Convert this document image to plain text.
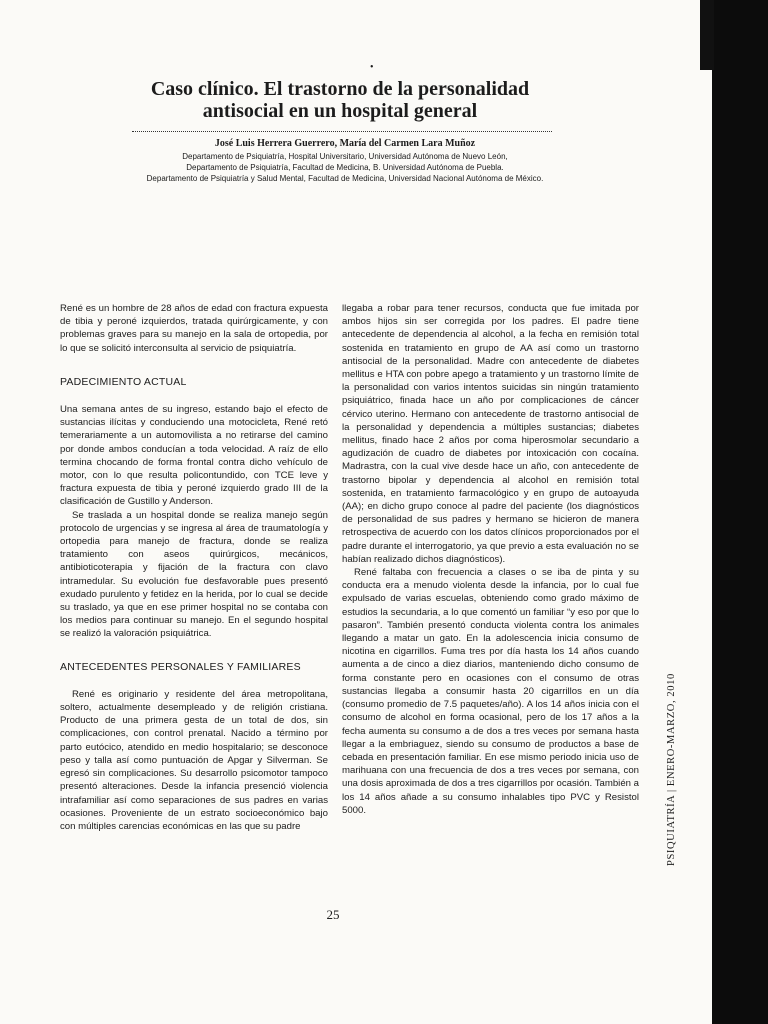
•
Caso clínico. El trastorno de la personalidad
antisocial en un hospital general

José Luis Herrera Guerrero, María del Carmen Lara Muñoz

Departamento de Psiquiatría, Hospital Universitario, Universidad Autónoma de Nuevo León,
Departamento de Psiquiatría, Facultad de Medicina, B. Universidad Autónoma de Puebla.
Departamento de Psiquiatría y Salud Mental, Facultad de Medicina, Universidad Nacional Autónoma de México.

René es un hombre de 28 años de edad con fractura expuesta de tibia y peroné izquierdos, tratada quirúrgicamente, y con problemas graves para su manejo en la sala de ortopedia, por lo que se solicitó interconsulta al servicio de psiquiatría.

PADECIMIENTO ACTUAL

Una semana antes de su ingreso, estando bajo el efecto de sustancias ilícitas y conduciendo una motocicleta, René retó temerariamente a un automovilista a no retirarse del camino por donde ambos conducían a toda velocidad. A raíz de ello termina chocando de forma frontal contra dicho vehículo de motor, con lo que resulta policontundido, con TCE leve y fractura expuesta de tibia y peroné izquierdo grado III de la clasificación de Gustillo y Anderson.

Se traslada a un hospital donde se realiza manejo según protocolo de urgencias y se ingresa al área de traumatología y ortopedia para manejo de fractura, donde se realiza tratamiento con aseos quirúrgicos, mecánicos, antibioticoterapia y fijación de la fractura con clavo intramedular. Su evolución fue desfavorable pues presentó exudado purulento y fetidez en la herida, por lo cual se decide su traslado, ya que en ese primer hospital no se contaba con los medios para continuar su manejo. En el segundo hospital se realizó la valoración psiquiátrica.

ANTECEDENTES PERSONALES Y FAMILIARES

René es originario y residente del área metropolitana, soltero, actualmente desempleado y de religión cristiana. Producto de una primera gesta de un total de dos, sin complicaciones, con control prenatal. Nacido a término por parto eutócico, atendido en medio hospitalario; se desconoce peso y talla así como puntuación de Apgar y Silverman. Se egresó sin complicaciones. Su desarrollo psicomotor tampoco presentó alteraciones. Desde la infancia presenció violencia intrafamiliar así como separaciones de sus padres en varias ocasiones. Proveniente de un estrato socioeconómico bajo con múltiples carencias económicas en las que su padre

llegaba a robar para tener recursos, conducta que fue imitada por ambos hijos sin ser corregida por los padres. El padre tiene antecedente de dependencia al alcohol, a la fecha en remisión total sostenida en tratamiento en grupo de AA así como un trastorno antisocial de la personalidad. Madre con antecedente de diabetes mellitus e HTA con pobre apego a tratamiento y un trastorno límite de la personalidad con varios intentos suicidas sin ningún tratamiento psiquiátrico, finada hace un año por complicaciones de cáncer cérvico uterino. Hermano con antecedente de trastorno antisocial de la personalidad y dependencia a múltiples sustancias; diabetes mellitus, finado hace 2 años por coma hiperosmolar secundario a agudización de cuadro de diabetes por intoxicación con cocaína. Madrastra, con la cual vive desde hace un año, con antecedente de trastorno bipolar y dependencia al alcohol en remisión total sostenida, en tratamiento farmacológico y en grupo de autoayuda (AA); en dicho grupo conoce al padre del paciente (los diagnósticos de personalidad de sus padres y hermano se hicieron de manera retrospectiva de acuerdo con los datos clínicos proporcionados por el padre durante el interrogatorio, ya que previo a esta evaluación no se habían realizado dichos diagnósticos).

René faltaba con frecuencia a clases o se iba de pinta y su conducta era a menudo violenta desde la infancia, por lo cual fue expulsado de varias escuelas, obteniendo como grado máximo de estudios la secundaria, a lo que comentó un familiar “y eso por que lo pasaron”. También presentó conducta violenta contra los animales llegando a matar un gato. En la adolescencia inicia consumo de nicotina en cigarrillos. Fuma tres por día hasta los 14 años cuando aumenta a de cinco a diez diarios, manteniendo dicho consumo de forma constante pero en ocasiones con el consumo de otras sustancias llegaba a consumir hasta 20 cigarrillos en un día (consumo promedio de 7.5 paquetes/año). A los 14 años inicia con el consumo de alcohol en forma ocasional, pero de los 17 años a la fecha aumenta su consumo a de dos a tres veces por semana hasta llegar a la embriaguez, siendo su consumo de productos a base de cebada en presentación familiar. En ese mismo periodo inicia uso de marihuana con una frecuencia de dos a tres veces por semana, con una dosis aproximada de dos a tres cigarrillos por ocasión. También a los 14 años añade a su consumo inhalables tipo PVC y Resistol 5000.

25
PSIQUIATRÍA | ENERO-MARZO, 2010
